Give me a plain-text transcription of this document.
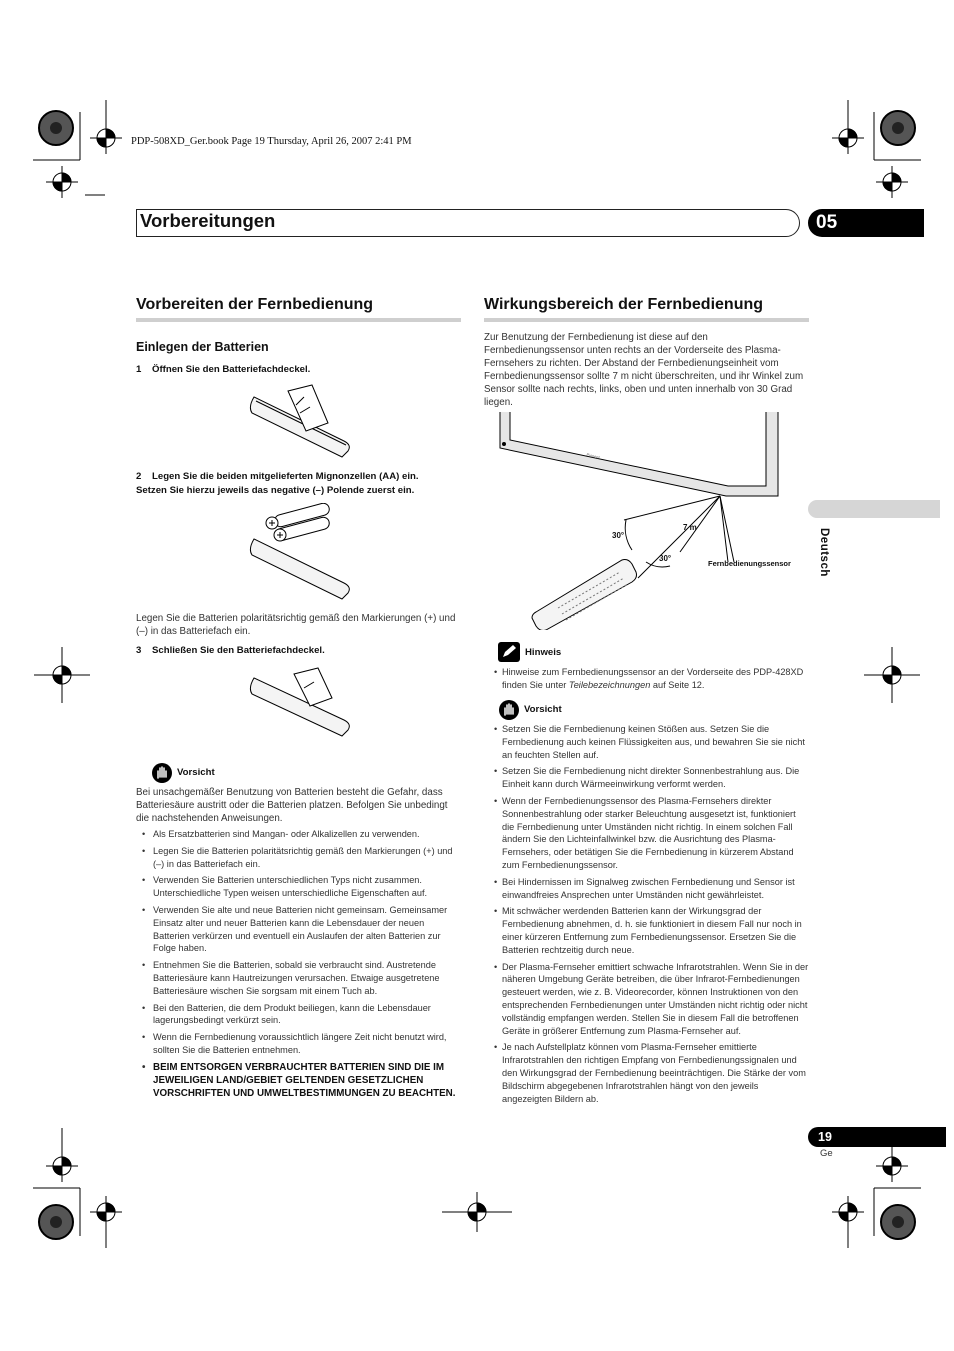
PDP-508XD_Ger.book Page 19 Thursday, April 26, 2007 2:41 PM
Vorbereitungen	05
Deutsch
Vorbereiten der Fernbedienung
Einlegen der Batterien
1    Öffnen Sie den Batteriefachdeckel.
2    Legen Sie die beiden mitgelieferten Mignonzellen (AA) ein.
Setzen Sie hierzu jeweils das negative (–) Polende zuerst ein.
Legen Sie die Batterien polaritätsrichtig gemäß den Markierungen (+) und (–) in das Batteriefach ein.
3    Schließen Sie den Batteriefachdeckel.
Vorsicht
Bei unsachgemäßer Benutzung von Batterien besteht die Gefahr, dass Batteriesäure austritt oder die Batterien platzen. Befolgen Sie unbedingt die nachstehenden Anweisungen.
• Als Ersatzbatterien sind Mangan- oder Alkalizellen zu verwenden.
• Legen Sie die Batterien polaritätsrichtig gemäß den Markierungen (+) und (–) in das Batteriefach ein.
• Verwenden Sie Batterien unterschiedlichen Typs nicht zusammen. Unterschiedliche Typen weisen unterschiedliche Eigenschaften auf.
• Verwenden Sie alte und neue Batterien nicht gemeinsam. Gemeinsamer Einsatz alter und neuer Batterien kann die Lebensdauer der neuen Batterien verkürzen und eventuell ein Auslaufen der alten Batterien zur Folge haben.
• Entnehmen Sie die Batterien, sobald sie verbraucht sind. Austretende Batteriesäure kann Hautreizungen verursachen. Etwaige ausgetretene Batteriesäure wischen Sie sorgsam mit einem Tuch ab.
• Bei den Batterien, die dem Produkt beiliegen, kann die Lebensdauer lagerungsbedingt verkürzt sein.
• Wenn die Fernbedienung voraussichtlich längere Zeit nicht benutzt wird, sollten Sie die Batterien entnehmen.
• BEIM ENTSORGEN VERBRAUCHTER BATTERIEN SIND DIE IM JEWEILIGEN LAND/GEBIET GELTENDEN GESETZLICHEN VORSCHRIFTEN UND UMWELTBESTIMMUNGEN ZU BEACHTEN.
Wirkungsbereich der Fernbedienung
Zur Benutzung der Fernbedienung ist diese auf den Fernbedienungssensor unten rechts an der Vorderseite des Plasma-Fernsehers zu richten. Der Abstand der Fernbedienungseinheit vom Fernbedienungssensor sollte 7 m nicht überschreiten, und ihr Winkel zum Sensor sollte nach rechts, links, oben und unten innerhalb von 30 Grad liegen.
Pioneer
30°
7 m
30°
Fernbedienungssensor
Hinweis
• Hinweise zum Fernbedienungssensor an der Vorderseite des PDP-428XD finden Sie unter Teilebezeichnungen auf Seite 12.
Vorsicht
• Setzen Sie die Fernbedienung keinen Stößen aus. Setzen Sie die Fernbedienung auch keinen Flüssigkeiten aus, und bewahren Sie sie nicht an feuchten Stellen auf.
• Setzen Sie die Fernbedienung nicht direkter Sonnenbestrahlung aus. Die Einheit kann durch Wärmeeinwirkung verformt werden.
• Wenn der Fernbedienungssensor des Plasma-Fernsehers direkter Sonnenbestrahlung oder starker Beleuchtung ausgesetzt ist, funktioniert die Fernbedienung unter Umständen nicht richtig. In einem solchen Fall ändern Sie den Lichteinfallwinkel bzw. die Ausrichtung des Plasma-Fernsehers, oder betätigen Sie die Fernbedienung in kürzerem Abstand zum Fernbedienungssensor.
• Bei Hindernissen im Signalweg zwischen Fernbedienung und Sensor ist einwandfreies Ansprechen unter Umständen nicht gewährleistet.
• Mit schwächer werdenden Batterien kann der Wirkungsgrad der Fernbedienung abnehmen, d. h. sie funktioniert in diesem Fall nur noch in einer kürzeren Entfernung zum Fernbedienungssensor. Ersetzen Sie die Batterien rechtzeitig durch neue.
• Der Plasma-Fernseher emittiert schwache Infrarotstrahlen. Wenn Sie in der näheren Umgebung Geräte betreiben, die über Infrarot-Fernbedienungen gesteuert werden, wie z. B. Videorecorder, können Instruktionen von den entsprechenden Fernbedienungen unter Umständen nicht richtig oder nicht vollständig empfangen werden. Stellen Sie in diesem Fall die betroffenen Geräte in größerer Entfernung zum Plasma-Fernseher auf.
• Je nach Aufstellplatz können vom Plasma-Fernseher emittierte Infrarotstrahlen den richtigen Empfang von Fernbedienungssignalen und den Wirkungsgrad der Fernbedienung beeinträchtigen. Die Stärke der vom Bildschirm abgegebenen Infrarotstrahlen hängt von den jeweils angezeigten Bildern ab.
19
Ge
